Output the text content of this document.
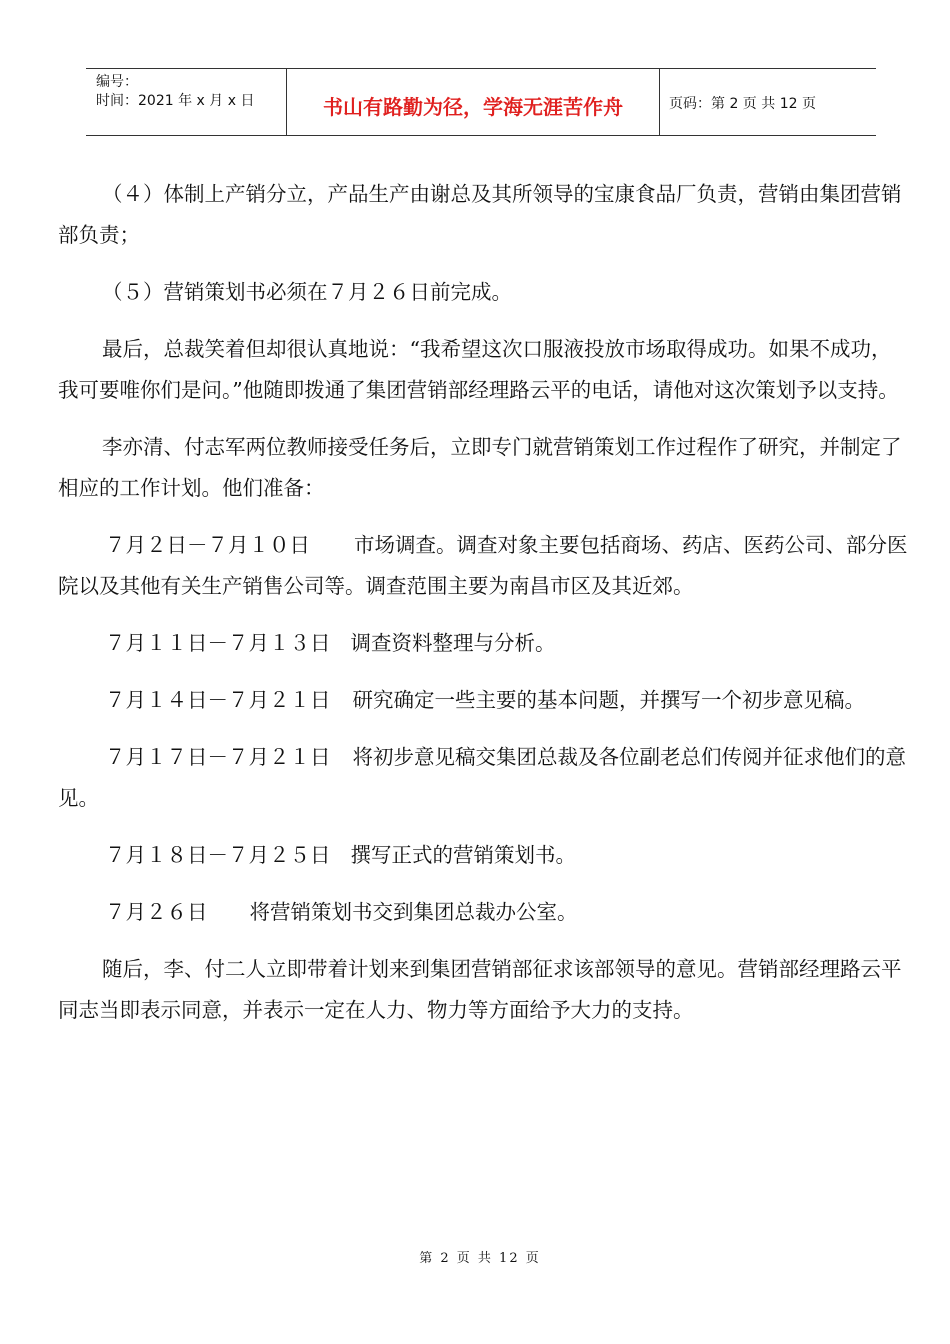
编号：
时间：2021 年 x 月 x 日	书山有路勤为径，学海无涯苦作舟	页码：第 2 页 共 12 页

（４）体制上产销分立，产品生产由谢总及其所领导的宝康食品厂负责，营销由集团营销部负责；

（５）营销策划书必须在７月２６日前完成。

最后，总裁笑着但却很认真地说：“我希望这次口服液投放市场取得成功。如果不成功，我可要唯你们是问。”他随即拨通了集团营销部经理路云平的电话，请他对这次策划予以支持。

李亦清、付志军两位教师接受任务后，立即专门就营销策划工作过程作了研究，并制定了相应的工作计划。他们准备：

７月２日－７月１０日 市场调查。调查对象主要包括商场、药店、医药公司、部分医院以及其他有关生产销售公司等。调查范围主要为南昌市区及其近郊。

７月１１日－７月１３日 调查资料整理与分析。

７月１４日－７月２１日 研究确定一些主要的基本问题，并撰写一个初步意见稿。

７月１７日－７月２１日 将初步意见稿交集团总裁及各位副老总们传阅并征求他们的意见。

７月１８日－７月２５日 撰写正式的营销策划书。

７月２６日 将营销策划书交到集团总裁办公室。

随后，李、付二人立即带着计划来到集团营销部征求该部领导的意见。营销部经理路云平同志当即表示同意，并表示一定在人力、物力等方面给予大力的支持。

第 2 页 共 12 页
